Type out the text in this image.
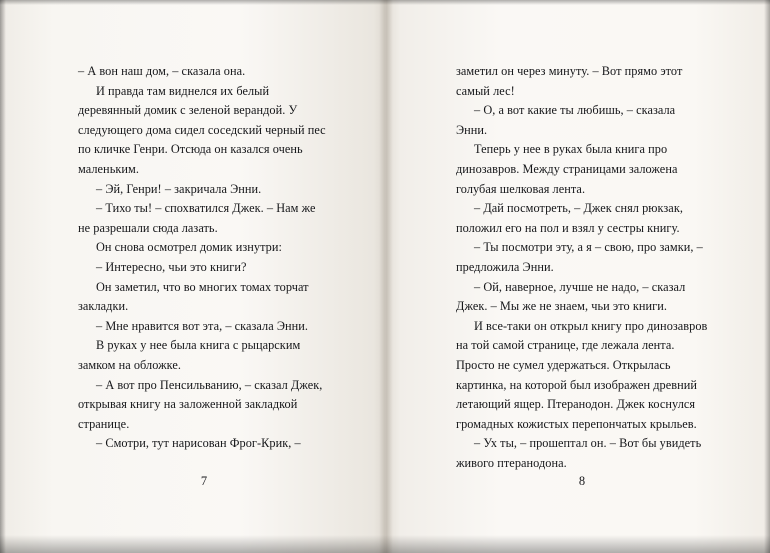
– А вон наш дом, – сказала она.

И правда там виднелся их белый деревянный домик с зеленой верандой. У следующего дома сидел соседский черный пес по кличке Генри. Отсюда он казался очень маленьким.

– Эй, Генри! – закричала Энни.

– Тихо ты! – спохватился Джек. – Нам же не разрешали сюда лазать.

Он снова осмотрел домик изнутри:

– Интересно, чьи это книги?

Он заметил, что во многих томах торчат закладки.

– Мне нравится вот эта, – сказала Энни.

В руках у нее была книга с рыцарским замком на обложке.

– А вот про Пенсильванию, – сказал Джек, открывая книгу на заложенной закладкой странице.

– Смотри, тут нарисован Фрог-Крик, –

заметил он через минуту. – Вот прямо этот самый лес!

– О, а вот какие ты любишь, – сказала Энни.

Теперь у нее в руках была книга про динозавров. Между страницами заложена голубая шелковая лента.

– Дай посмотреть, – Джек снял рюкзак, положил его на пол и взял у сестры книгу.

– Ты посмотри эту, а я – свою, про замки, – предложила Энни.

– Ой, наверное, лучше не надо, – сказал Джек. – Мы же не знаем, чьи это книги.

И все-таки он открыл книгу про динозавров на той самой странице, где лежала лента. Просто не сумел удержаться. Открылась картинка, на которой был изображен древний летающий ящер. Птеранодон. Джек коснулся громадных кожистых перепончатых крыльев.

– Ух ты, – прошептал он. – Вот бы увидеть живого птеранодона.

7	8
